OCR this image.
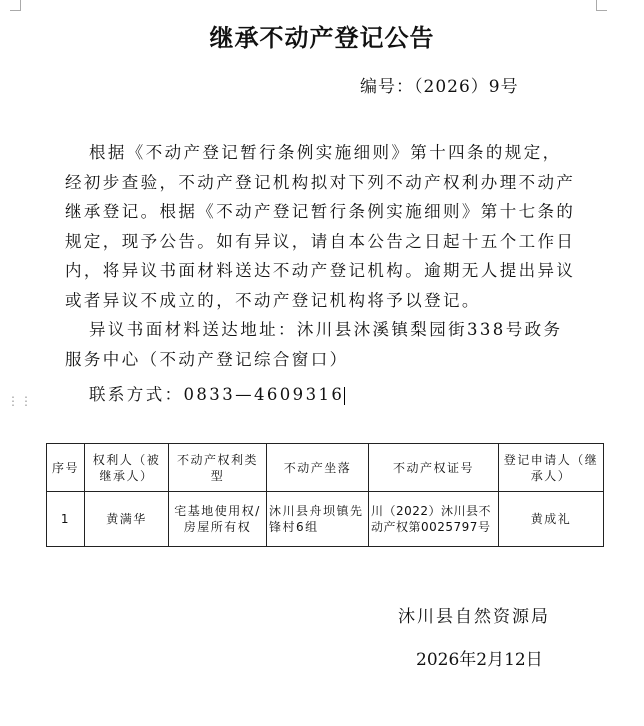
⋮⋮
继承不动产登记公告
编号：（2026）9号
根据《不动产登记暂行条例实施细则》第十四条的规定，
经初步查验，不动产登记机构拟对下列不动产权利办理不动产
继承登记。根据《不动产登记暂行条例实施细则》第十七条的
规定，现予公告。如有异议，请自本公告之日起十五个工作日
内，将异议书面材料送达不动产登记机构。逾期无人提出异议
或者异议不成立的，不动产登记机构将予以登记。
异议书面材料送达地址：沐川县沐溪镇梨园街338号政务
服务中心（不动产登记综合窗口）
联系方式：0833—4609316
序号	权利人（被继承人）	不动产权利类型	不动产坐落	不动产权证号	登记申请人（继承人）
1	黄满华	宅基地使用权/房屋所有权	沐川县舟坝镇先锋村6组	川（2022）沐川县不动产权第0025797号	黄成礼
沐川县自然资源局
2026年2月12日
